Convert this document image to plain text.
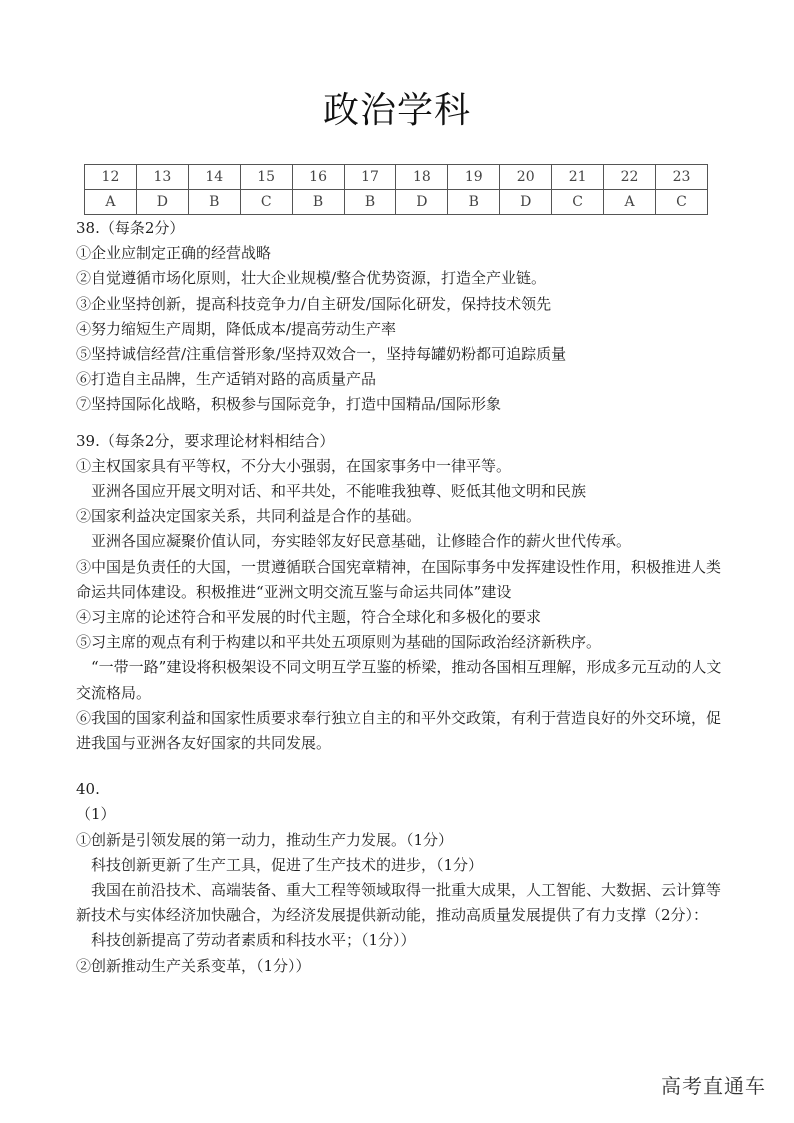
政治学科
12	13	14	15	16	17	18	19	20	21	22	23
A	D	B	C	B	B	D	B	D	C	A	C

38.（每条2分）

①企业应制定正确的经营战略

②自觉遵循市场化原则，壮大企业规模/整合优势资源，打造全产业链。

③企业坚持创新，提高科技竞争力/自主研发/国际化研发，保持技术领先

④努力缩短生产周期，降低成本/提高劳动生产率

⑤坚持诚信经营/注重信誉形象/坚持双效合一，坚持每罐奶粉都可追踪质量

⑥打造自主品牌，生产适销对路的高质量产品

⑦坚持国际化战略，积极参与国际竞争，打造中国精品/国际形象

39.（每条2分，要求理论材料相结合）

①主权国家具有平等权，不分大小强弱，在国家事务中一律平等。

亚洲各国应开展文明对话、和平共处，不能唯我独尊、贬低其他文明和民族

②国家利益决定国家关系，共同利益是合作的基础。

亚洲各国应凝聚价值认同，夯实睦邻友好民意基础，让修睦合作的薪火世代传承。

③中国是负责任的大国，一贯遵循联合国宪章精神，在国际事务中发挥建设性作用，积极推进人类命运共同体建设。积极推进“亚洲文明交流互鉴与命运共同体”建设

④习主席的论述符合和平发展的时代主题，符合全球化和多极化的要求

⑤习主席的观点有利于构建以和平共处五项原则为基础的国际政治经济新秩序。

“一带一路”建设将积极架设不同文明互学互鉴的桥梁，推动各国相互理解，形成多元互动的人文交流格局。

⑥我国的国家利益和国家性质要求奉行独立自主的和平外交政策，有利于营造良好的外交环境，促进我国与亚洲各友好国家的共同发展。

40.

（1）

①创新是引领发展的第一动力，推动生产力发展。（1分）

科技创新更新了生产工具，促进了生产技术的进步，（1分）

我国在前沿技术、高端装备、重大工程等领域取得一批重大成果，人工智能、大数据、云计算等新技术与实体经济加快融合，为经济发展提供新动能，推动高质量发展提供了有力支撑（2分）：

科技创新提高了劳动者素质和科技水平；（1分））

②创新推动生产关系变革，（1分））

高考直通车
